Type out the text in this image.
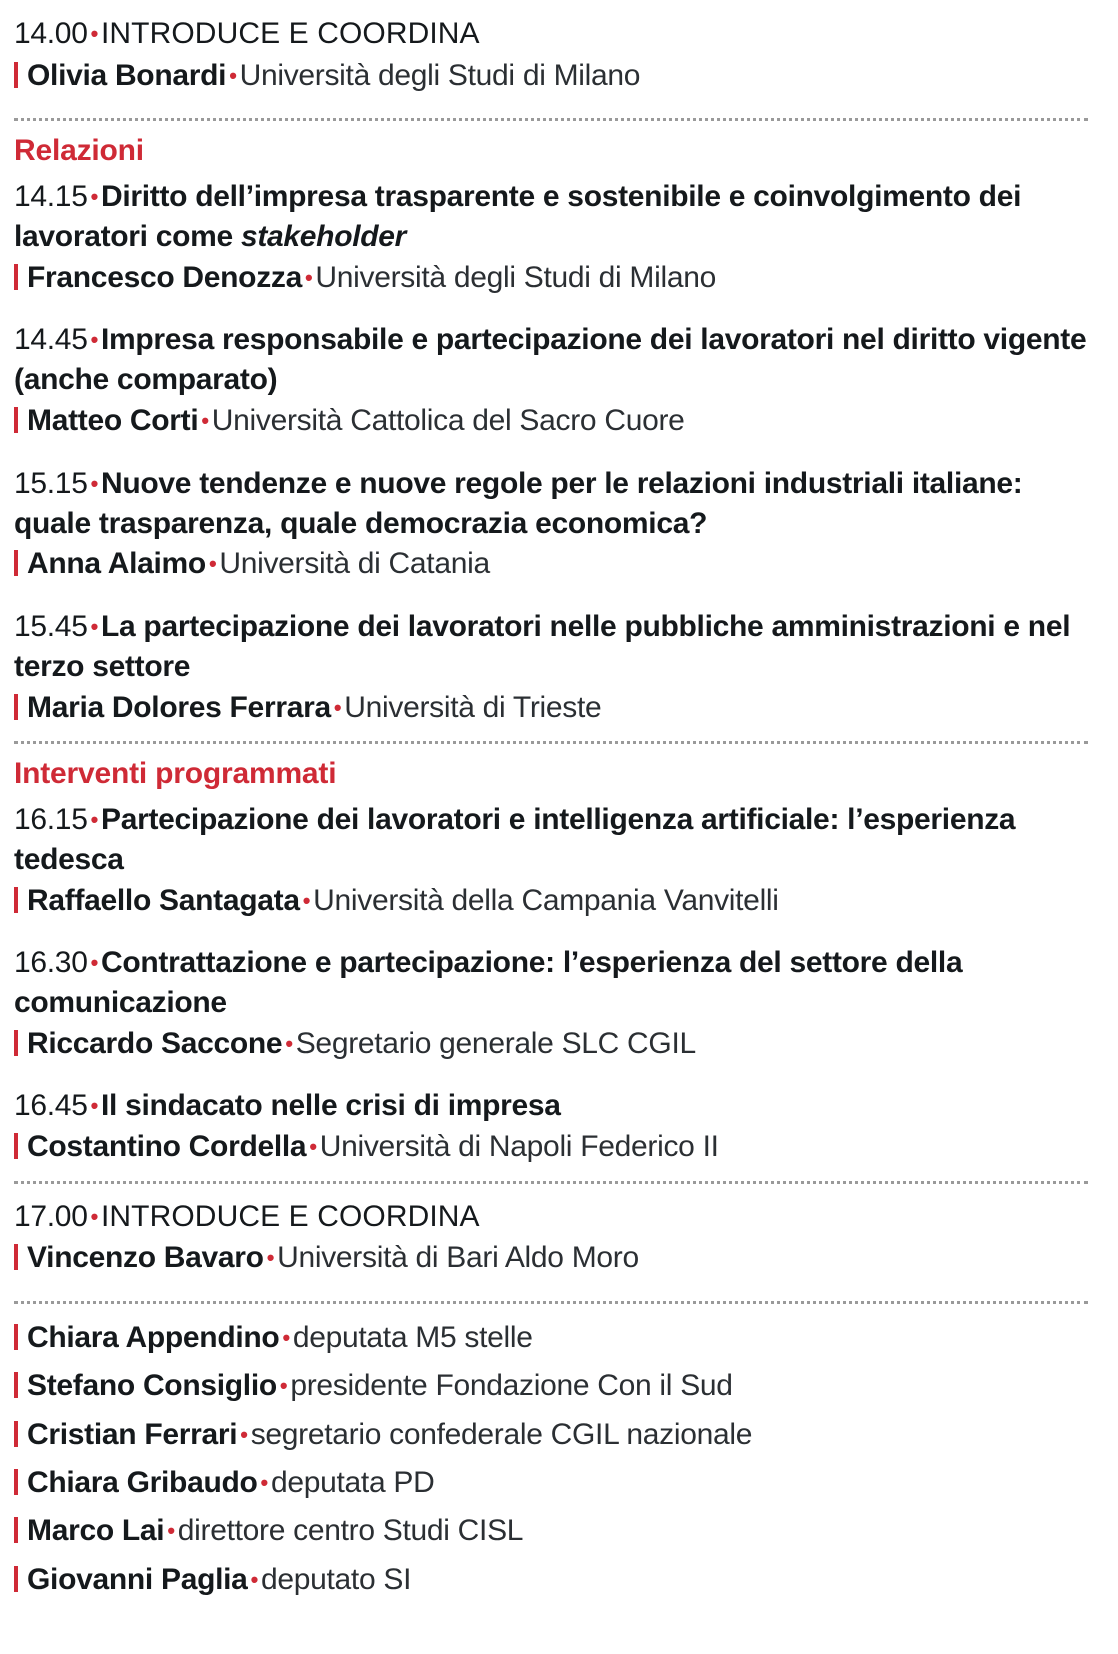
14.00 • INTRODUCE E COORDINA
Olivia Bonardi • Università degli Studi di Milano
Relazioni
14.15 • Diritto dell’impresa trasparente e sostenibile e coinvolgimento dei lavoratori come stakeholder
Francesco Denozza • Università degli Studi di Milano
14.45 • Impresa responsabile e partecipazione dei lavoratori nel diritto vigente (anche comparato)
Matteo Corti • Università Cattolica del Sacro Cuore
15.15 • Nuove tendenze e nuove regole per le relazioni industriali italiane: quale trasparenza, quale democrazia economica?
Anna Alaimo • Università di Catania
15.45 • La partecipazione dei lavoratori nelle pubbliche amministrazioni e nel terzo settore
Maria Dolores Ferrara • Università di Trieste
Interventi programmati
16.15 • Partecipazione dei lavoratori e intelligenza artificiale: l’esperienza tedesca
Raffaello Santagata • Università della Campania Vanvitelli
16.30 • Contrattazione e partecipazione: l’esperienza del settore della comunicazione
Riccardo Saccone • Segretario generale SLC CGIL
16.45 • Il sindacato nelle crisi di impresa
Costantino Cordella • Università di Napoli Federico II
17.00 • INTRODUCE E COORDINA
Vincenzo Bavaro • Università di Bari Aldo Moro
Chiara Appendino • deputata M5 stelle
Stefano Consiglio • presidente Fondazione Con il Sud
Cristian Ferrari • segretario confederale CGIL nazionale
Chiara Gribaudo • deputata PD
Marco Lai • direttore centro Studi CISL
Giovanni Paglia • deputato SI
